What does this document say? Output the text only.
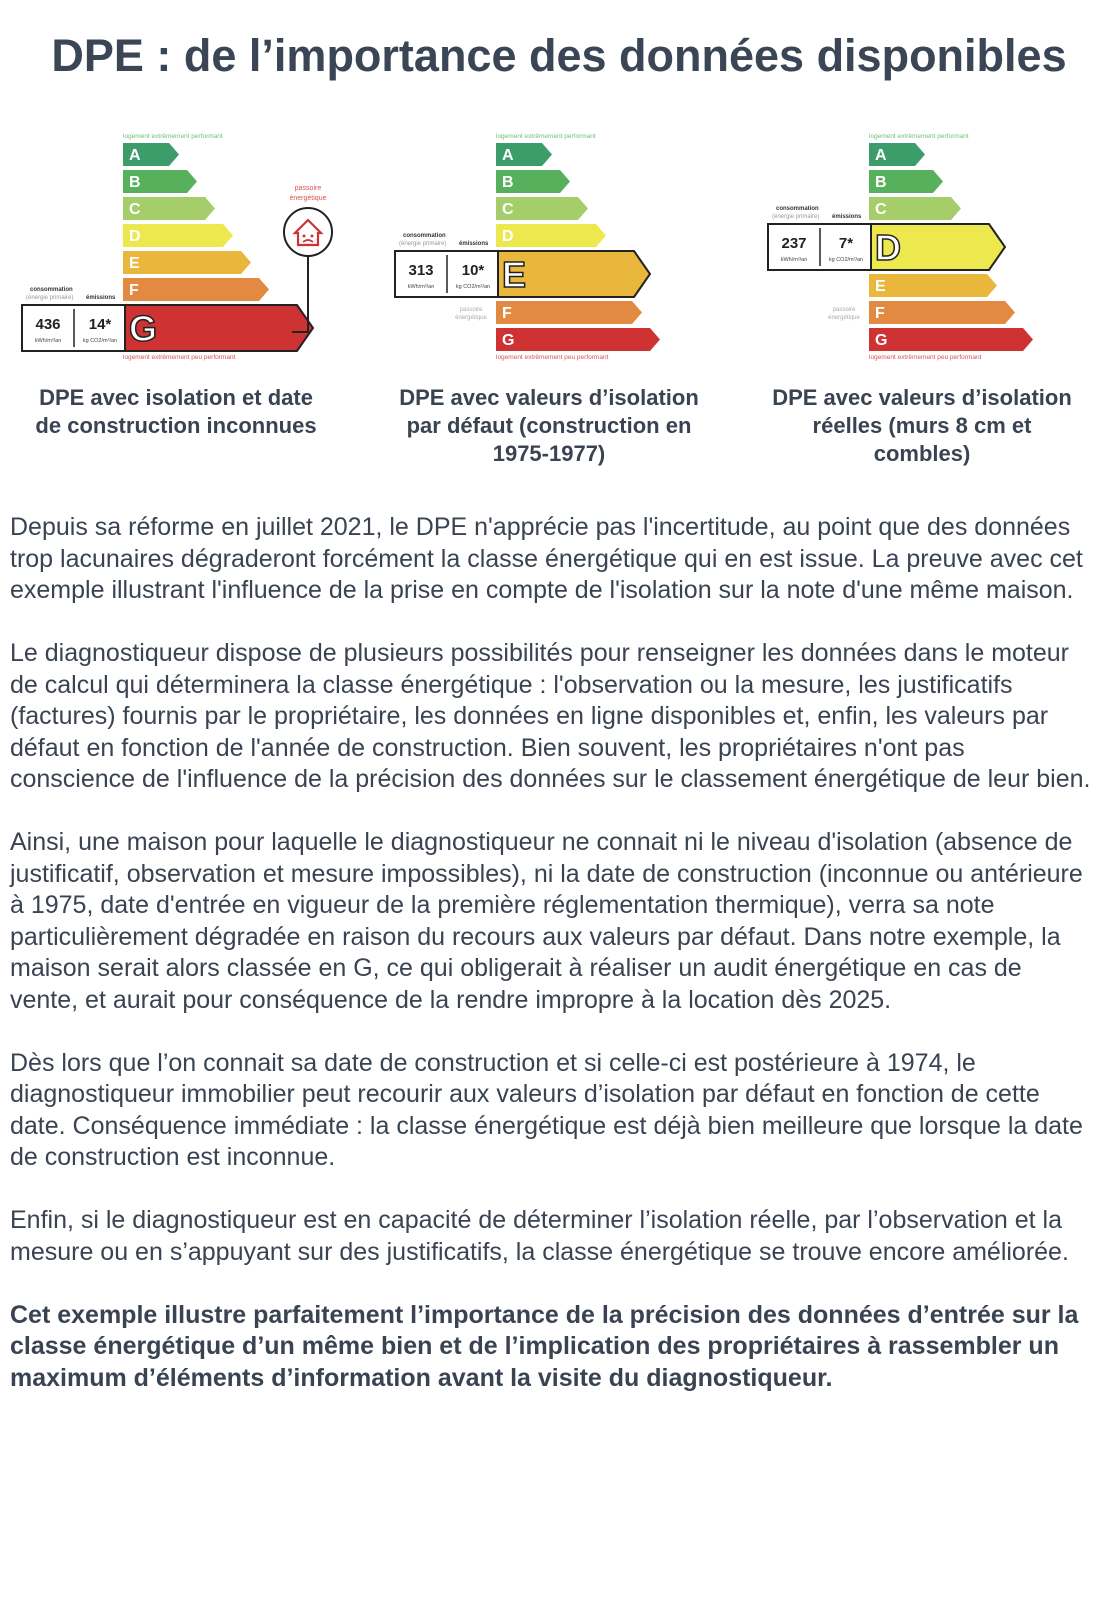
DPE : de l’importance des données disponibles
logement extrêmement performant
A
B
C
D
E
F
G
436
kWh/m²/an
14*
kg CO2/m²/an
consommation
(énergie primaire) émissions
logement extrêmement peu performant
passoire
énergétique
logement extrêmement performant
A
B
C
D
E
313
kWh/m²/an
10*
kg CO2/m²/an
consommation
(énergie primaire) émissions
F
passoire
énergétique
G
logement extrêmement peu performant
logement extrêmement performant
A
B
C
D
237
kWh/m²/an
7*
kg CO2/m²/an
consommation
(énergie primaire) émissions
E
F
passoire
énergétique
G
logement extrêmement peu performant
DPE avec isolation et date
de construction inconnues
DPE avec valeurs d’isolation
par défaut (construction en
1975-1977)
DPE avec valeurs d’isolation
réelles (murs 8 cm et
combles)

Depuis sa réforme en juillet 2021, le DPE n'apprécie pas l'incertitude, au point que des données trop lacunaires dégraderont forcément la classe énergétique qui en est issue. La preuve avec cet exemple illustrant l'influence de la prise en compte de l'isolation sur la note d'une même maison.

Le diagnostiqueur dispose de plusieurs possibilités pour renseigner les données dans le moteur de calcul qui déterminera la classe énergétique : l'observation ou la mesure, les justificatifs (factures) fournis par le propriétaire, les données en ligne disponibles et, enfin, les valeurs par défaut en fonction de l'année de construction. Bien souvent, les propriétaires n'ont pas conscience de l'influence de la précision des données sur le classement énergétique de leur bien.

Ainsi, une maison pour laquelle le diagnostiqueur ne connait ni le niveau d'isolation (absence de justificatif, observation et mesure impossibles), ni la date de construction (inconnue ou antérieure à 1975, date d'entrée en vigueur de la première réglementation thermique), verra sa note particulièrement dégradée en raison du recours aux valeurs par défaut. Dans notre exemple, la maison serait alors classée en G, ce qui obligerait à réaliser un audit énergétique en cas de vente, et aurait pour conséquence de la rendre impropre à la location dès 2025.

Dès lors que l’on connait sa date de construction et si celle-ci est postérieure à 1974, le diagnostiqueur immobilier peut recourir aux valeurs d’isolation par défaut en fonction de cette date. Conséquence immédiate : la classe énergétique est déjà bien meilleure que lorsque la date de construction est inconnue.

Enfin, si le diagnostiqueur est en capacité de déterminer l’isolation réelle, par l’observation et la mesure ou en s’appuyant sur des justificatifs, la classe énergétique se trouve encore améliorée.

Cet exemple illustre parfaitement l’importance de la précision des données d’entrée sur la classe énergétique d’un même bien et de l’implication des propriétaires à rassembler un maximum d’éléments d’information avant la visite du diagnostiqueur.
